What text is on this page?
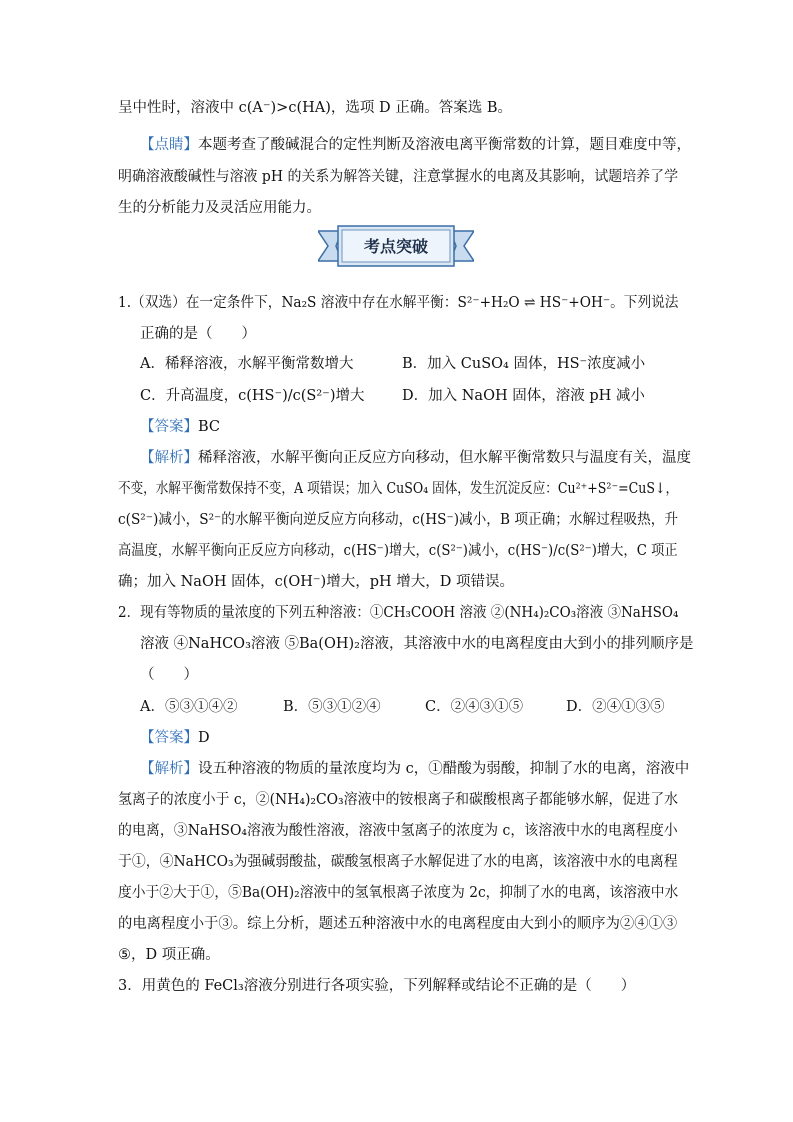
呈中性时，溶液中 c(A⁻)>c(HA)，选项 D 正确。答案选 B。
【点睛】本题考查了酸碱混合的定性判断及溶液电离平衡常数的计算，题目难度中等，
明确溶液酸碱性与溶液 pH 的关系为解答关键，注意掌握水的电离及其影响，试题培养了学
生的分析能力及灵活应用能力。
考点突破
1.（双选）在一定条件下，Na₂S 溶液中存在水解平衡：S²⁻+H₂O ⇌ HS⁻+OH⁻。下列说法
正确的是（　　）
A．稀释溶液，水解平衡常数增大	B．加入 CuSO₄ 固体，HS⁻浓度减小
C．升高温度，c(HS⁻)/c(S²⁻)增大	D．加入 NaOH 固体，溶液 pH 减小
【答案】BC
【解析】稀释溶液，水解平衡向正反应方向移动，但水解平衡常数只与温度有关，温度
不变，水解平衡常数保持不变，A 项错误；加入 CuSO₄ 固体，发生沉淀反应：Cu²⁺+S²⁻=CuS↓，
c(S²⁻)减小，S²⁻的水解平衡向逆反应方向移动，c(HS⁻)减小，B 项正确；水解过程吸热，升
高温度，水解平衡向正反应方向移动，c(HS⁻)增大，c(S²⁻)减小，c(HS⁻)/c(S²⁻)增大，C 项正
确；加入 NaOH 固体，c(OH⁻)增大，pH 增大，D 项错误。
2．现有等物质的量浓度的下列五种溶液：①CH₃COOH 溶液 ②(NH₄)₂CO₃溶液 ③NaHSO₄
溶液 ④NaHCO₃溶液 ⑤Ba(OH)₂溶液，其溶液中水的电离程度由大到小的排列顺序是
（　　）
A．⑤③①④②	B．⑤③①②④	C．②④③①⑤	D．②④①③⑤
【答案】D
【解析】设五种溶液的物质的量浓度均为 c，①醋酸为弱酸，抑制了水的电离，溶液中
氢离子的浓度小于 c，②(NH₄)₂CO₃溶液中的铵根离子和碳酸根离子都能够水解，促进了水
的电离，③NaHSO₄溶液为酸性溶液，溶液中氢离子的浓度为 c，该溶液中水的电离程度小
于①，④NaHCO₃为强碱弱酸盐，碳酸氢根离子水解促进了水的电离，该溶液中水的电离程
度小于②大于①，⑤Ba(OH)₂溶液中的氢氧根离子浓度为 2c，抑制了水的电离，该溶液中水
的电离程度小于③。综上分析，题述五种溶液中水的电离程度由大到小的顺序为②④①③
⑤，D 项正确。
3．用黄色的 FeCl₃溶液分别进行各项实验，下列解释或结论不正确的是（　　）
